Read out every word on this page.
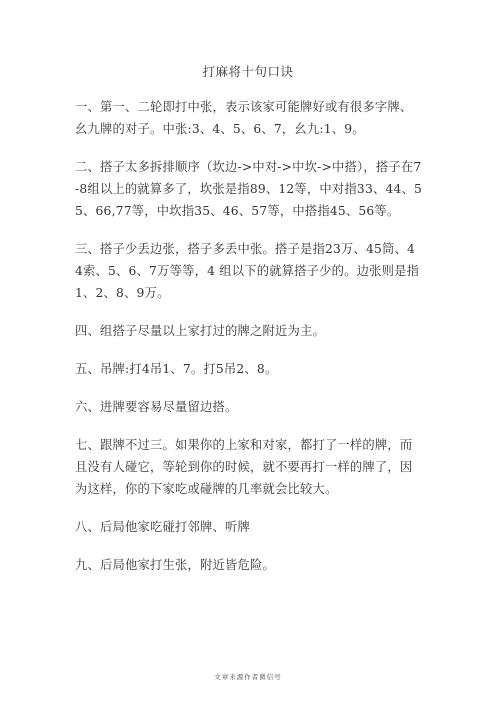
打麻将十句口诀

一、第一、二轮即打中张，表示该家可能牌好或有很多字牌、幺九牌的对子。中张:3、4、5、6、7，幺九:1、9。

二、搭子太多拆排顺序（坎边->中对->中坎->中搭），搭子在7-8组以上的就算多了，坎张是指89、12等，中对指33、44、55、66,77等，中坎指35、46、57等，中搭指45、56等。

三、搭子少丢边张，搭子多丢中张。搭子是指23万、45筒、44索、5、6、7万等等，4 组以下的就算搭子少的。边张则是指1、2、8、9万。

四、组搭子尽量以上家打过的牌之附近为主。

五、吊牌:打4吊1、7。打5吊2、8。

六、进牌要容易尽量留边搭。

七、跟牌不过三。如果你的上家和对家，都打了一样的牌，而且没有人碰它，等轮到你的时候，就不要再打一样的牌了，因为这样，你的下家吃或碰牌的几率就会比较大。

八、后局他家吃碰打邻牌、听牌

九、后局他家打生张，附近皆危险。

文章来源作者微信号
